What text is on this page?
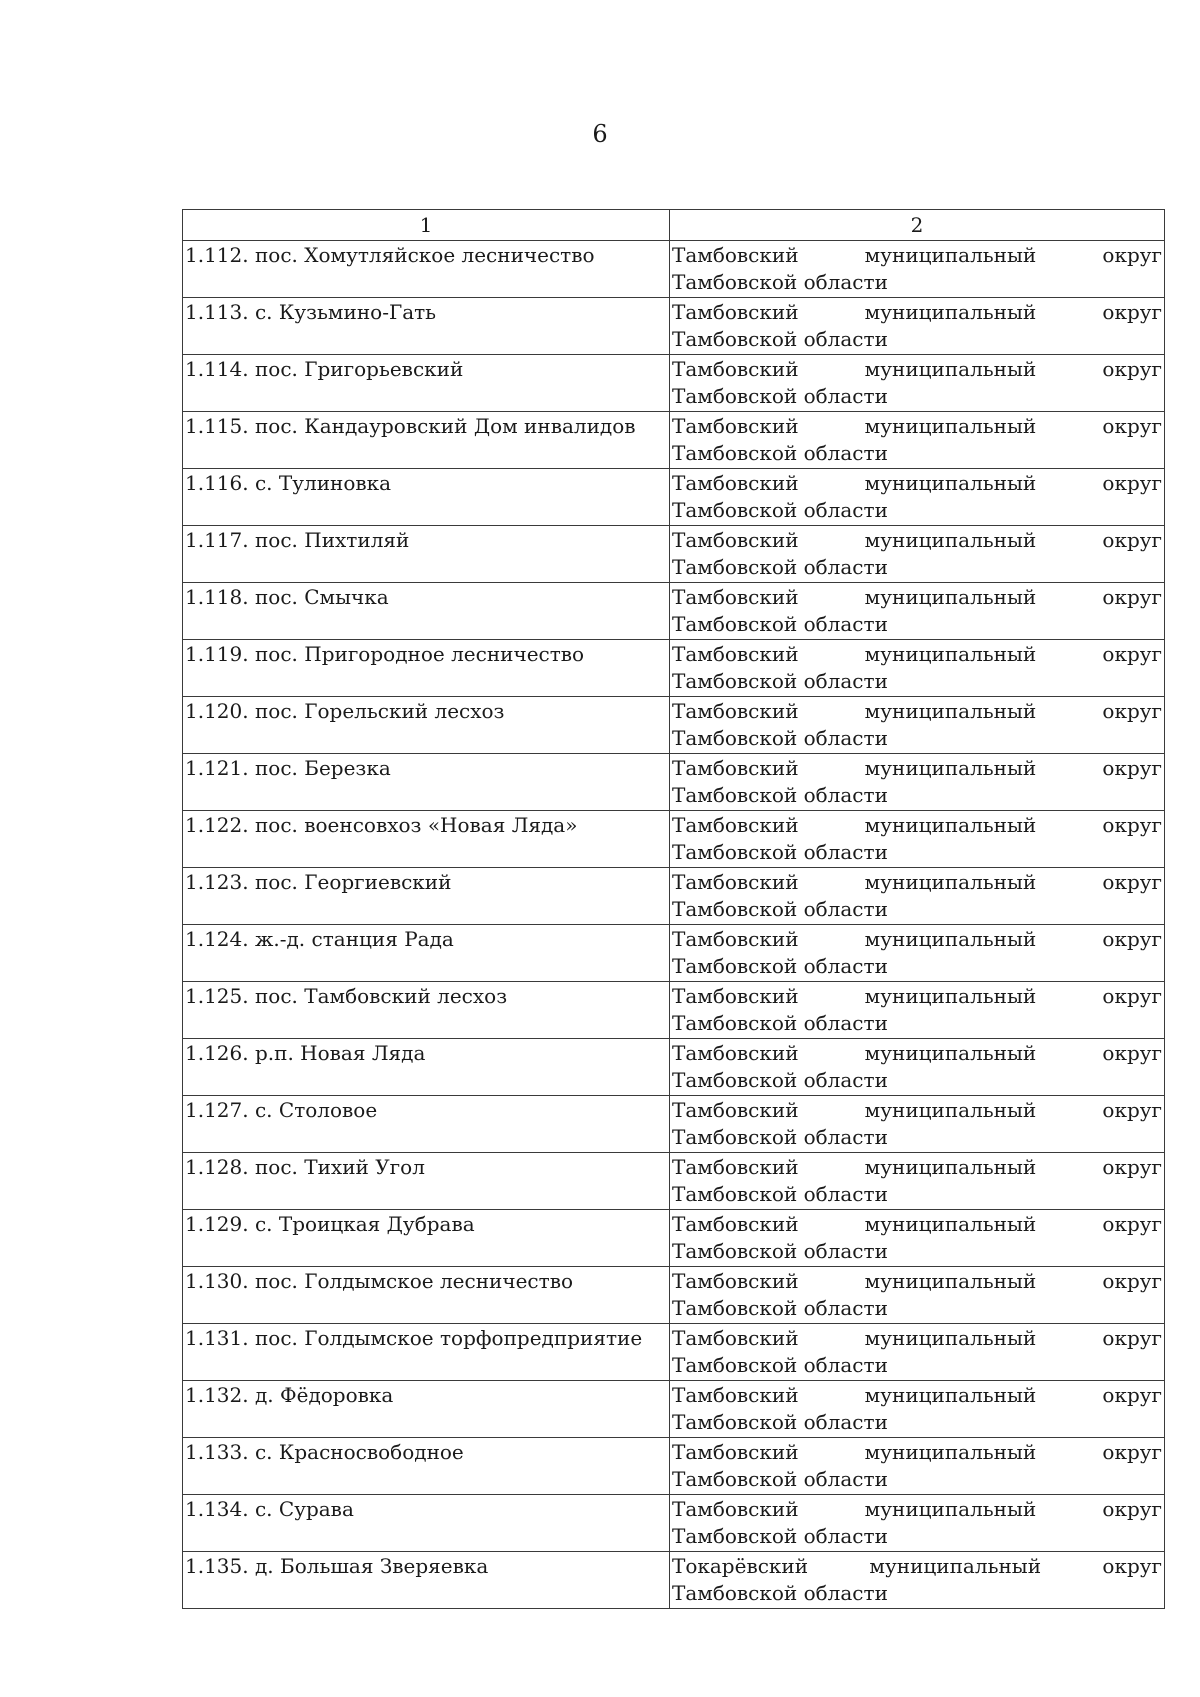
6
1	2
1.112. пос. Хомутляйское лесничество	Тамбовский муниципальный округ Тамбовской области
1.113. с. Кузьмино-Гать	Тамбовский муниципальный округ Тамбовской области
1.114. пос. Григорьевский	Тамбовский муниципальный округ Тамбовской области
1.115. пос. Кандауровский Дом инвалидов	Тамбовский муниципальный округ Тамбовской области
1.116. с. Тулиновка	Тамбовский муниципальный округ Тамбовской области
1.117. пос. Пихтиляй	Тамбовский муниципальный округ Тамбовской области
1.118. пос. Смычка	Тамбовский муниципальный округ Тамбовской области
1.119. пос. Пригородное лесничество	Тамбовский муниципальный округ Тамбовской области
1.120. пос. Горельский лесхоз	Тамбовский муниципальный округ Тамбовской области
1.121. пос. Березка	Тамбовский муниципальный округ Тамбовской области
1.122. пос. военсовхоз «Новая Ляда»	Тамбовский муниципальный округ Тамбовской области
1.123. пос. Георгиевский	Тамбовский муниципальный округ Тамбовской области
1.124. ж.-д. станция Рада	Тамбовский муниципальный округ Тамбовской области
1.125. пос. Тамбовский лесхоз	Тамбовский муниципальный округ Тамбовской области
1.126. р.п. Новая Ляда	Тамбовский муниципальный округ Тамбовской области
1.127. с. Столовое	Тамбовский муниципальный округ Тамбовской области
1.128. пос. Тихий Угол	Тамбовский муниципальный округ Тамбовской области
1.129. с. Троицкая Дубрава	Тамбовский муниципальный округ Тамбовской области
1.130. пос. Голдымское лесничество	Тамбовский муниципальный округ Тамбовской области
1.131. пос. Голдымское торфопредприятие	Тамбовский муниципальный округ Тамбовской области
1.132. д. Фёдоровка	Тамбовский муниципальный округ Тамбовской области
1.133. с. Красносвободное	Тамбовский муниципальный округ Тамбовской области
1.134. с. Сурава	Тамбовский муниципальный округ Тамбовской области
1.135. д. Большая Зверяевка	Токарёвский муниципальный округ Тамбовской области
